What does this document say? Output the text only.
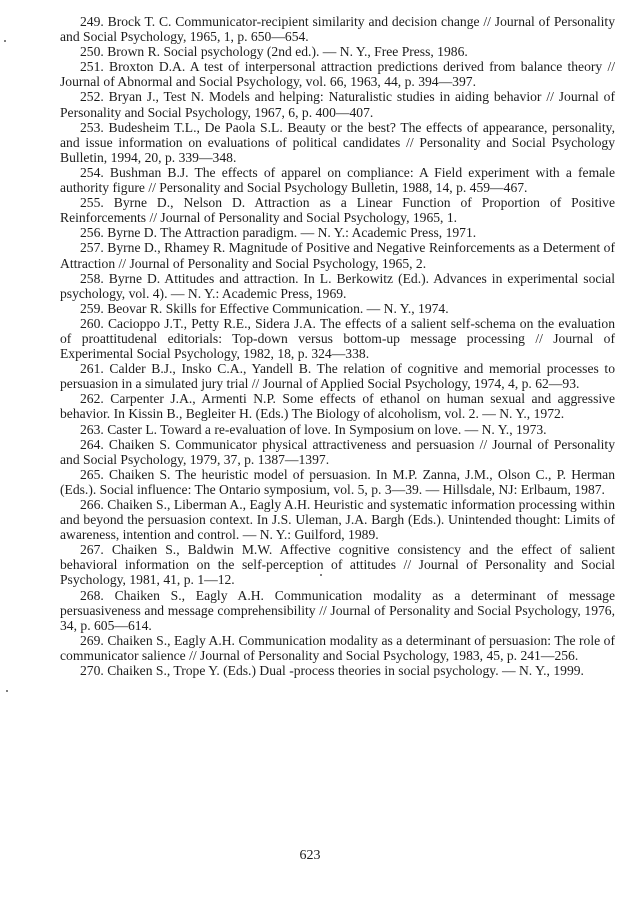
249. Brock T. C. Communicator-recipient similarity and decision change // Journal of Personality and Social Psychology, 1965, 1, p. 650—654.

250. Brown R. Social psychology (2nd ed.). — N. Y., Free Press, 1986.

251. Broxton D.A. A test of interpersonal attraction predictions derived from balance theory // Journal of Abnormal and Social Psychology, vol. 66, 1963, 44, p. 394—397.

252. Bryan J., Test N. Models and helping: Naturalistic studies in aiding behavior // Journal of Personality and Social Psychology, 1967, 6, p. 400—407.

253. Budesheim T.L., De Paola S.L. Beauty or the best? The effects of appearance, personality, and issue information on evaluations of political candidates // Personality and Social Psychology Bulletin, 1994, 20, p. 339—348.

254. Bushman B.J. The effects of apparel on compliance: A Field experiment with a female authority figure // Personality and Social Psychology Bulletin, 1988, 14, p. 459—467.

255. Byrne D., Nelson D. Attraction as a Linear Function of Proportion of Positive Reinforcements // Journal of Personality and Social Psychology, 1965, 1.

256. Byrne D. The Attraction paradigm. — N. Y.: Academic Press, 1971.

257. Byrne D., Rhamey R. Magnitude of Positive and Negative Reinforcements as a Determent of Attraction // Journal of Personality and Social Psychology, 1965, 2.

258. Byrne D. Attitudes and attraction. In L. Berkowitz (Ed.). Advances in experimental social psychology, vol. 4). — N. Y.: Academic Press, 1969.

259. Beovar R. Skills for Effective Communication. — N. Y., 1974.

260. Cacioppo J.T., Petty R.E., Sidera J.A. The effects of a salient self-schema on the evaluation of proattitudenal editorials: Top-down versus bottom-up message processing // Journal of Experimental Social Psychology, 1982, 18, p. 324—338.

261. Calder B.J., Insko C.A., Yandell B. The relation of cognitive and memorial processes to persuasion in a simulated jury trial // Journal of Applied Social Psychology, 1974, 4, p. 62—93.

262. Carpenter J.A., Armenti N.P. Some effects of ethanol on human sexual and aggressive behavior. In Kissin B., Begleiter H. (Eds.) The Biology of alcoholism, vol. 2. — N. Y., 1972.

263. Caster L. Toward a re-evaluation of love. In Symposium on love. — N. Y., 1973.

264. Chaiken S. Communicator physical attractiveness and persuasion // Journal of Personality and Social Psychology, 1979, 37, p. 1387—1397.

265. Chaiken S. The heuristic model of persuasion. In M.P. Zanna, J.M., Olson C., P. Herman (Eds.). Social influence: The Ontario symposium, vol. 5, p. 3—39. — Hillsdale, NJ: Erlbaum, 1987.

266. Chaiken S., Liberman A., Eagly A.H. Heuristic and systematic information processing within and beyond the persuasion context. In J.S. Uleman, J.A. Bargh (Eds.). Unintended thought: Limits of awareness, intention and control. — N. Y.: Guilford, 1989.

267. Chaiken S., Baldwin M.W. Affective cognitive consistency and the effect of salient behavioral information on the self-perception of attitudes // Journal of Personality and Social Psychology, 1981, 41, p. 1—12.

268. Chaiken S., Eagly A.H. Communication modality as a determinant of message persuasiveness and message comprehensibility // Journal of Personality and Social Psychology, 1976, 34, p. 605—614.

269. Chaiken S., Eagly A.H. Communication modality as a determinant of persuasion: The role of communicator salience // Journal of Personality and Social Psychology, 1983, 45, p. 241—256.

270. Chaiken S., Trope Y. (Eds.) Dual -process theories in social psychology. — N. Y., 1999.

623
